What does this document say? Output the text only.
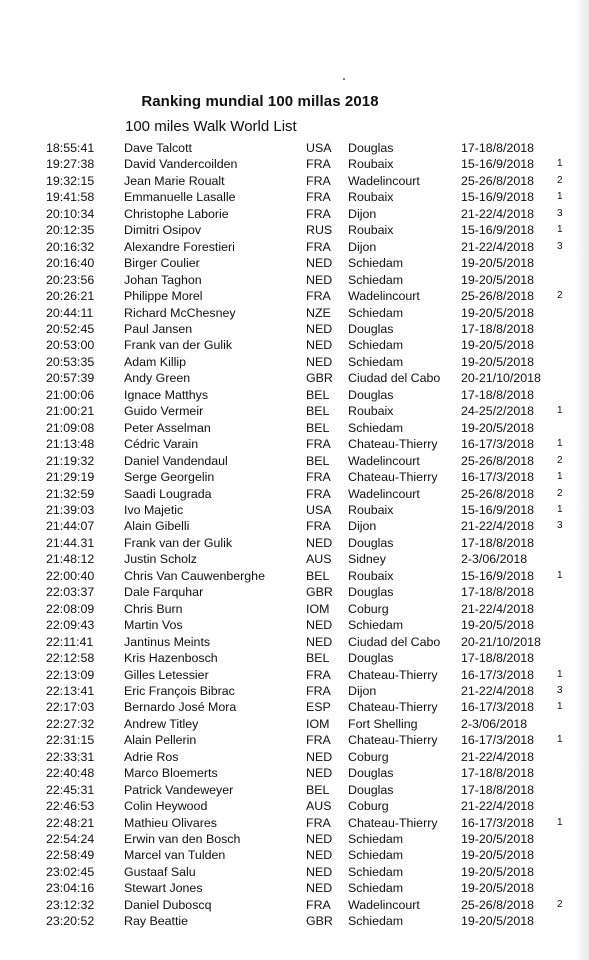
Ranking mundial 100 millas 2018
100 miles Walk World List
18:55:41 Dave Talcott	USA Douglas	17-18/8/2018
19:27:38 David Vandercoilden	FRA Roubaix	15-16/9/2018 1
19:32:15 Jean Marie Roualt	FRA Wadelincourt	25-26/8/2018 2
19:41:58 Emmanuelle Lasalle	FRA Roubaix	15-16/9/2018 1
20:10:34 Christophe Laborie	FRA Dijon	21-22/4/2018 3
20:12:35 Dimitri Osipov	RUS Roubaix	15-16/9/2018 1
20:16:32 Alexandre Forestieri	FRA Dijon	21-22/4/2018 3
20:16:40 Birger Coulier	NED Schiedam	19-20/5/2018
20:23:56 Johan Taghon	NED Schiedam	19-20/5/2018
20:26:21 Philippe Morel	FRA Wadelincourt	25-26/8/2018 2
20:44:11 Richard McChesney	NZE Schiedam	19-20/5/2018
20:52:45 Paul Jansen	NED Douglas	17-18/8/2018
20:53:00 Frank van der Gulik	NED Schiedam	19-20/5/2018
20:53:35 Adam Killip	NED Schiedam	19-20/5/2018
20:57:39 Andy Green	GBR Ciudad del Cabo 20-21/10/2018
21:00:06 Ignace Matthys	BEL Douglas	17-18/8/2018
21:00:21 Guido Vermeir	BEL Roubaix	24-25/2/2018 1
21:09:08 Peter Asselman	BEL Schiedam	19-20/5/2018
21:13:48 Cédric Varain	FRA Chateau-Thierry 16-17/3/2018 1
21:19:32 Daniel Vandendaul	BEL Wadelincourt	25-26/8/2018 2
21:29:19 Serge Georgelin	FRA Chateau-Thierry 16-17/3/2018 1
21:32:59 Saadi Lougrada	FRA Wadelincourt	25-26/8/2018 2
21:39:03 Ivo Majetic	USA Roubaix	15-16/9/2018 1
21:44:07 Alain Gibelli	FRA Dijon	21-22/4/2018 3
21:44.31 Frank van der Gulik	NED Douglas	17-18/8/2018
21:48:12 Justin Scholz	AUS Sidney	2-3/06/2018
22:00:40 Chris Van Cauwenberghe	BEL Roubaix	15-16/9/2018 1
22:03:37 Dale Farquhar	GBR Douglas	17-18/8/2018
22:08:09 Chris Burn	IOM Coburg	21-22/4/2018
22:09:43 Martin Vos	NED Schiedam	19-20/5/2018
22:11:41 Jantinus Meints	NED Ciudad del Cabo 20-21/10/2018
22:12:58 Kris Hazenbosch	BEL Douglas	17-18/8/2018
22:13:09 Gilles Letessier	FRA Chateau-Thierry 16-17/3/2018 1
22:13:41 Eric François Bibrac	FRA Dijon	21-22/4/2018 3
22:17:03 Bernardo José Mora	ESP Chateau-Thierry 16-17/3/2018 1
22:27:32 Andrew Titley	IOM Fort Shelling	2-3/06/2018
22:31:15 Alain Pellerin	FRA Chateau-Thierry 16-17/3/2018 1
22:33:31 Adrie Ros	NED Coburg	21-22/4/2018
22:40:48 Marco Bloemerts	NED Douglas	17-18/8/2018
22:45:31 Patrick Vandeweyer	BEL Douglas	17-18/8/2018
22:46:53 Colin Heywood	AUS Coburg	21-22/4/2018
22:48:21 Mathieu Olivares	FRA Chateau-Thierry 16-17/3/2018 1
22:54:24 Erwin van den Bosch	NED Schiedam	19-20/5/2018
22:58:49 Marcel van Tulden	NED Schiedam	19-20/5/2018
23:02:45 Gustaaf Salu	NED Schiedam	19-20/5/2018
23:04:16 Stewart Jones	NED Schiedam	19-20/5/2018
23:12:32 Daniel Duboscq	FRA Wadelincourt	25-26/8/2018 2
23:20:52 Ray Beattie	GBR Schiedam	19-20/5/2018
